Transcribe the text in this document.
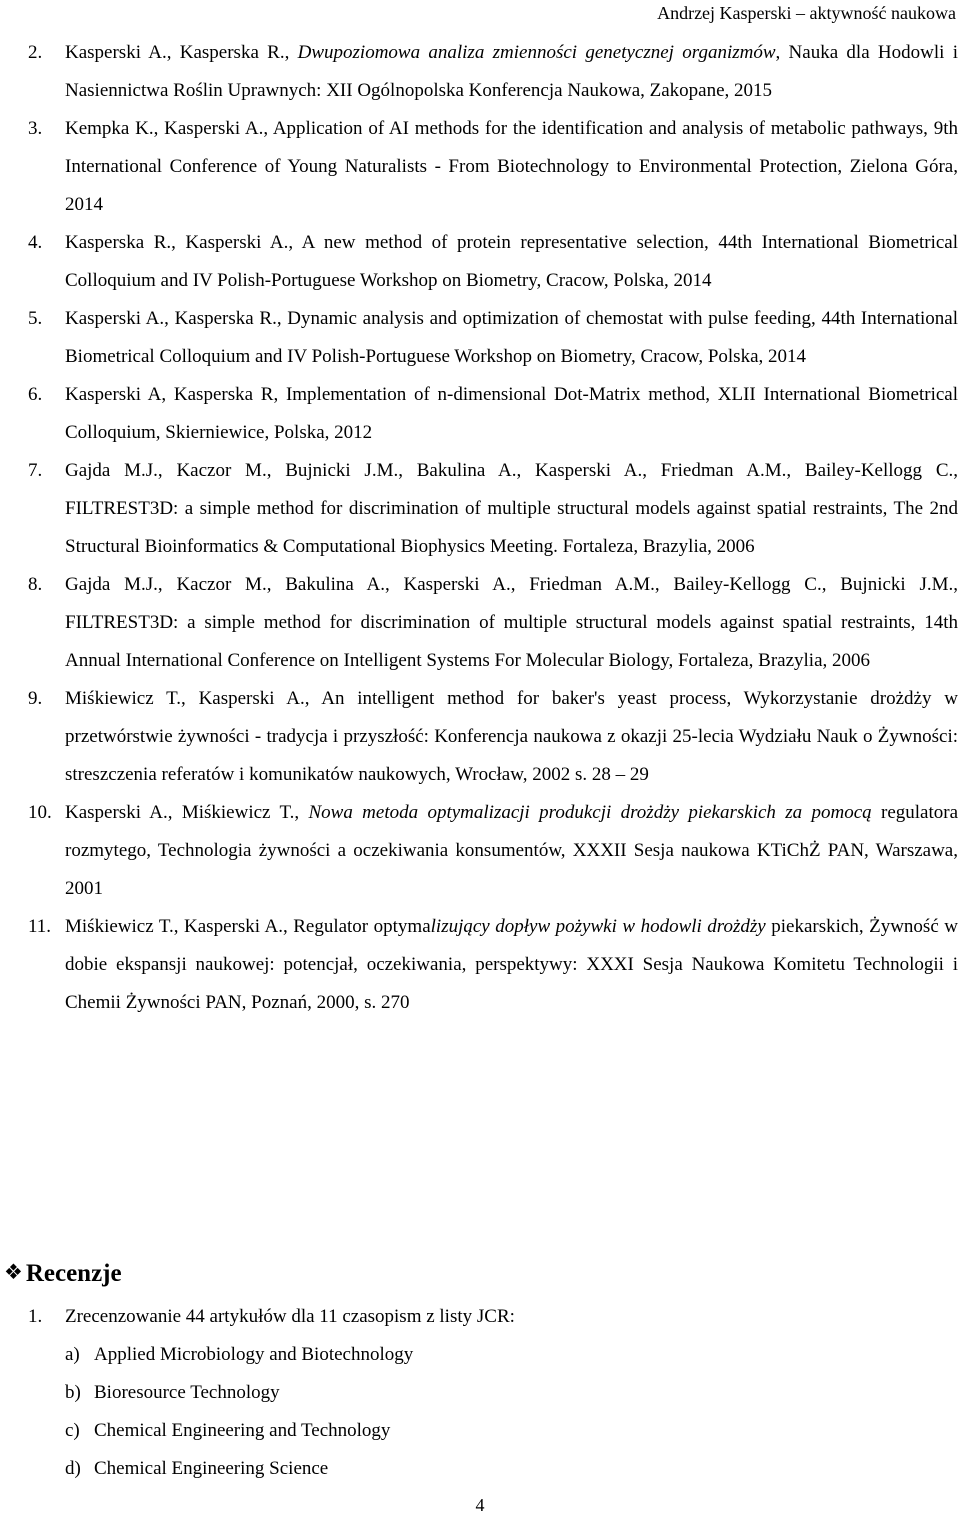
Andrzej Kasperski – aktywność naukowa
2. Kasperski A., Kasperska R., Dwupoziomowa analiza zmienności genetycznej organizmów, Nauka dla Hodowli i Nasiennictwa Roślin Uprawnych: XII Ogólnopolska Konferencja Naukowa, Zakopane, 2015
3. Kempka K., Kasperski A., Application of AI methods for the identification and analysis of metabolic pathways, 9th International Conference of Young Naturalists - From Biotechnology to Environmental Protection, Zielona Góra, 2014
4. Kasperska R., Kasperski A., A new method of protein representative selection, 44th International Biometrical Colloquium and IV Polish-Portuguese Workshop on Biometry, Cracow, Polska, 2014
5. Kasperski A., Kasperska R., Dynamic analysis and optimization of chemostat with pulse feeding, 44th International Biometrical Colloquium and IV Polish-Portuguese Workshop on Biometry, Cracow, Polska, 2014
6. Kasperski A, Kasperska R, Implementation of n-dimensional Dot-Matrix method, XLII International Biometrical Colloquium, Skierniewice, Polska, 2012
7. Gajda M.J., Kaczor M., Bujnicki J.M., Bakulina A., Kasperski A., Friedman A.M., Bailey-Kellogg C., FILTREST3D: a simple method for discrimination of multiple structural models against spatial restraints, The 2nd Structural Bioinformatics & Computational Biophysics Meeting. Fortaleza, Brazylia, 2006
8. Gajda M.J., Kaczor M., Bakulina A., Kasperski A., Friedman A.M., Bailey-Kellogg C., Bujnicki J.M., FILTREST3D: a simple method for discrimination of multiple structural models against spatial restraints, 14th Annual International Conference on Intelligent Systems For Molecular Biology, Fortaleza, Brazylia, 2006
9. Miśkiewicz T., Kasperski A., An intelligent method for baker's yeast process, Wykorzystanie drożdży w przetwórstwie żywności - tradycja i przyszłość: Konferencja naukowa z okazji 25-lecia Wydziału Nauk o Żywności: streszczenia referatów i komunikatów naukowych, Wrocław, 2002 s. 28 – 29
10. Kasperski A., Miśkiewicz T., Nowa metoda optymalizacji produkcji drożdży piekarskich za pomocą regulatora rozmytego, Technologia żywności a oczekiwania konsumentów, XXXII Sesja naukowa KTiChŻ PAN, Warszawa, 2001
11. Miśkiewicz T., Kasperski A., Regulator optymalizujący dopływ pożywki w hodowli drożdży piekarskich, Żywność w dobie ekspansji naukowej: potencjał, oczekiwania, perspektywy: XXXI Sesja Naukowa Komitetu Technologii i Chemii Żywności PAN, Poznań, 2000, s. 270
❖ Recenzje
1. Zrecenzowanie 44 artykułów dla 11 czasopism z listy JCR:
a) Applied Microbiology and Biotechnology
b) Bioresource Technology
c) Chemical Engineering and Technology
d) Chemical Engineering Science
4
